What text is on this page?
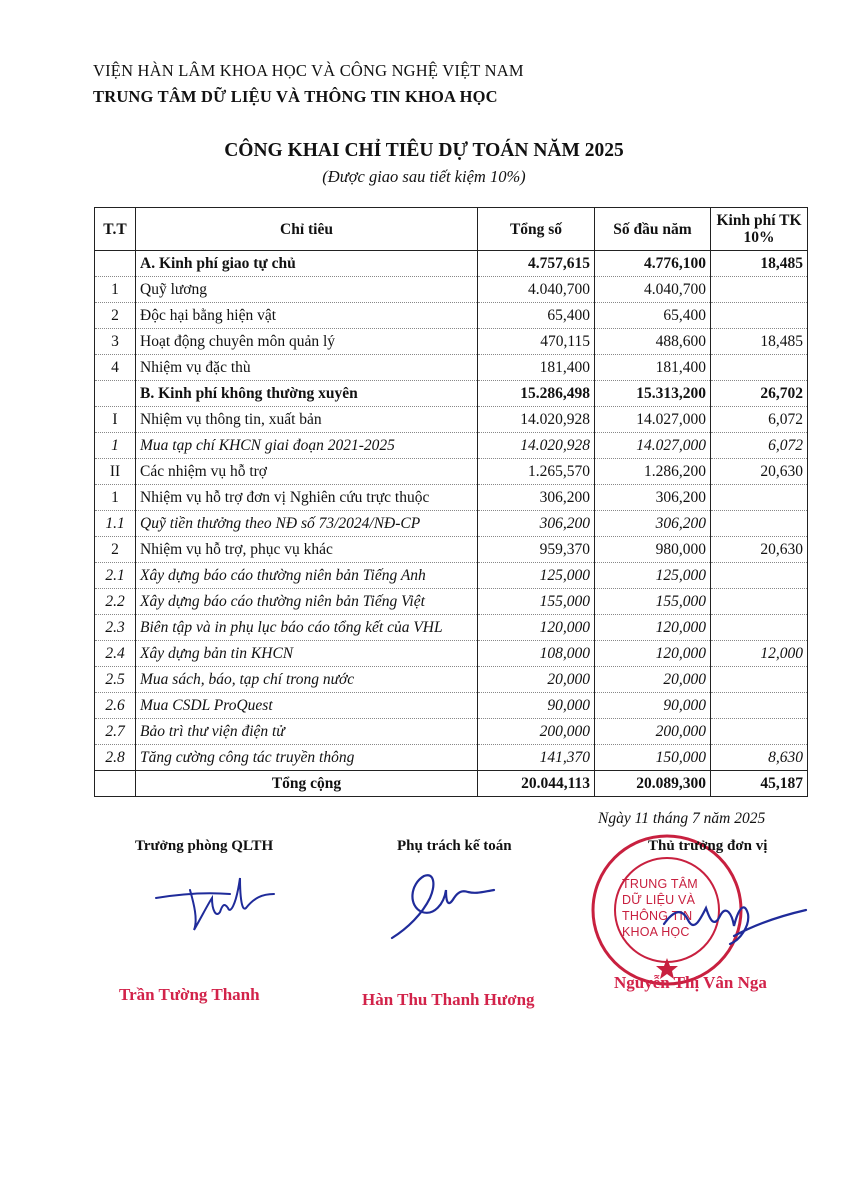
VIỆN HÀN LÂM KHOA HỌC VÀ CÔNG NGHỆ VIỆT NAM
TRUNG TÂM DỮ LIỆU VÀ THÔNG TIN KHOA HỌC
CÔNG KHAI CHỈ TIÊU DỰ TOÁN NĂM 2025
(Được giao sau tiết kiệm 10%)
T.T	Chỉ tiêu	Tổng số	Số đầu năm	Kinh phí TK
10%
	A. Kinh phí giao tự chủ	4.757,615	4.776,100	18,485
1	Quỹ lương	4.040,700	4.040,700	
2	Độc hại bằng hiện vật	65,400	65,400	
3	Hoạt động chuyên môn quản lý	470,115	488,600	18,485
4	Nhiệm vụ đặc thù	181,400	181,400	
	B. Kinh phí không thường xuyên	15.286,498	15.313,200	26,702
I	Nhiệm vụ thông tin, xuất bản	14.020,928	14.027,000	6,072
1	Mua tạp chí KHCN giai đoạn 2021-2025	14.020,928	14.027,000	6,072
II	Các nhiệm vụ hỗ trợ	1.265,570	1.286,200	20,630
1	Nhiệm vụ hỗ trợ đơn vị Nghiên cứu trực thuộc	306,200	306,200	
1.1	Quỹ tiền thưởng theo NĐ số 73/2024/NĐ-CP	306,200	306,200	
2	Nhiệm vụ hỗ trợ, phục vụ khác	959,370	980,000	20,630
2.1	Xây dựng báo cáo thường niên bản Tiếng Anh	125,000	125,000	
2.2	Xây dựng báo cáo thường niên bản Tiếng Việt	155,000	155,000	
2.3	Biên tập và in phụ lục báo cáo tổng kết của VHL	120,000	120,000	
2.4	Xây dựng bản tin KHCN	108,000	120,000	12,000
2.5	Mua sách, báo, tạp chí trong nước	20,000	20,000	
2.6	Mua CSDL ProQuest	90,000	90,000	
2.7	Bảo trì thư viện điện tử	200,000	200,000	
2.8	Tăng cường công tác truyền thông	141,370	150,000	8,630
	Tổng cộng	20.044,113	20.089,300	45,187
Ngày 11 tháng 7 năm 2025
Trưởng phòng QLTH	Phụ trách kế toán
TRUNG TÂM
DỮ LIỆU VÀ
THÔNG TIN
KHOA HỌC
Thủ trưởng đơn vị
Trần Tường Thanh	Hàn Thu Thanh Hương
Nguyễn Thị Vân Nga
